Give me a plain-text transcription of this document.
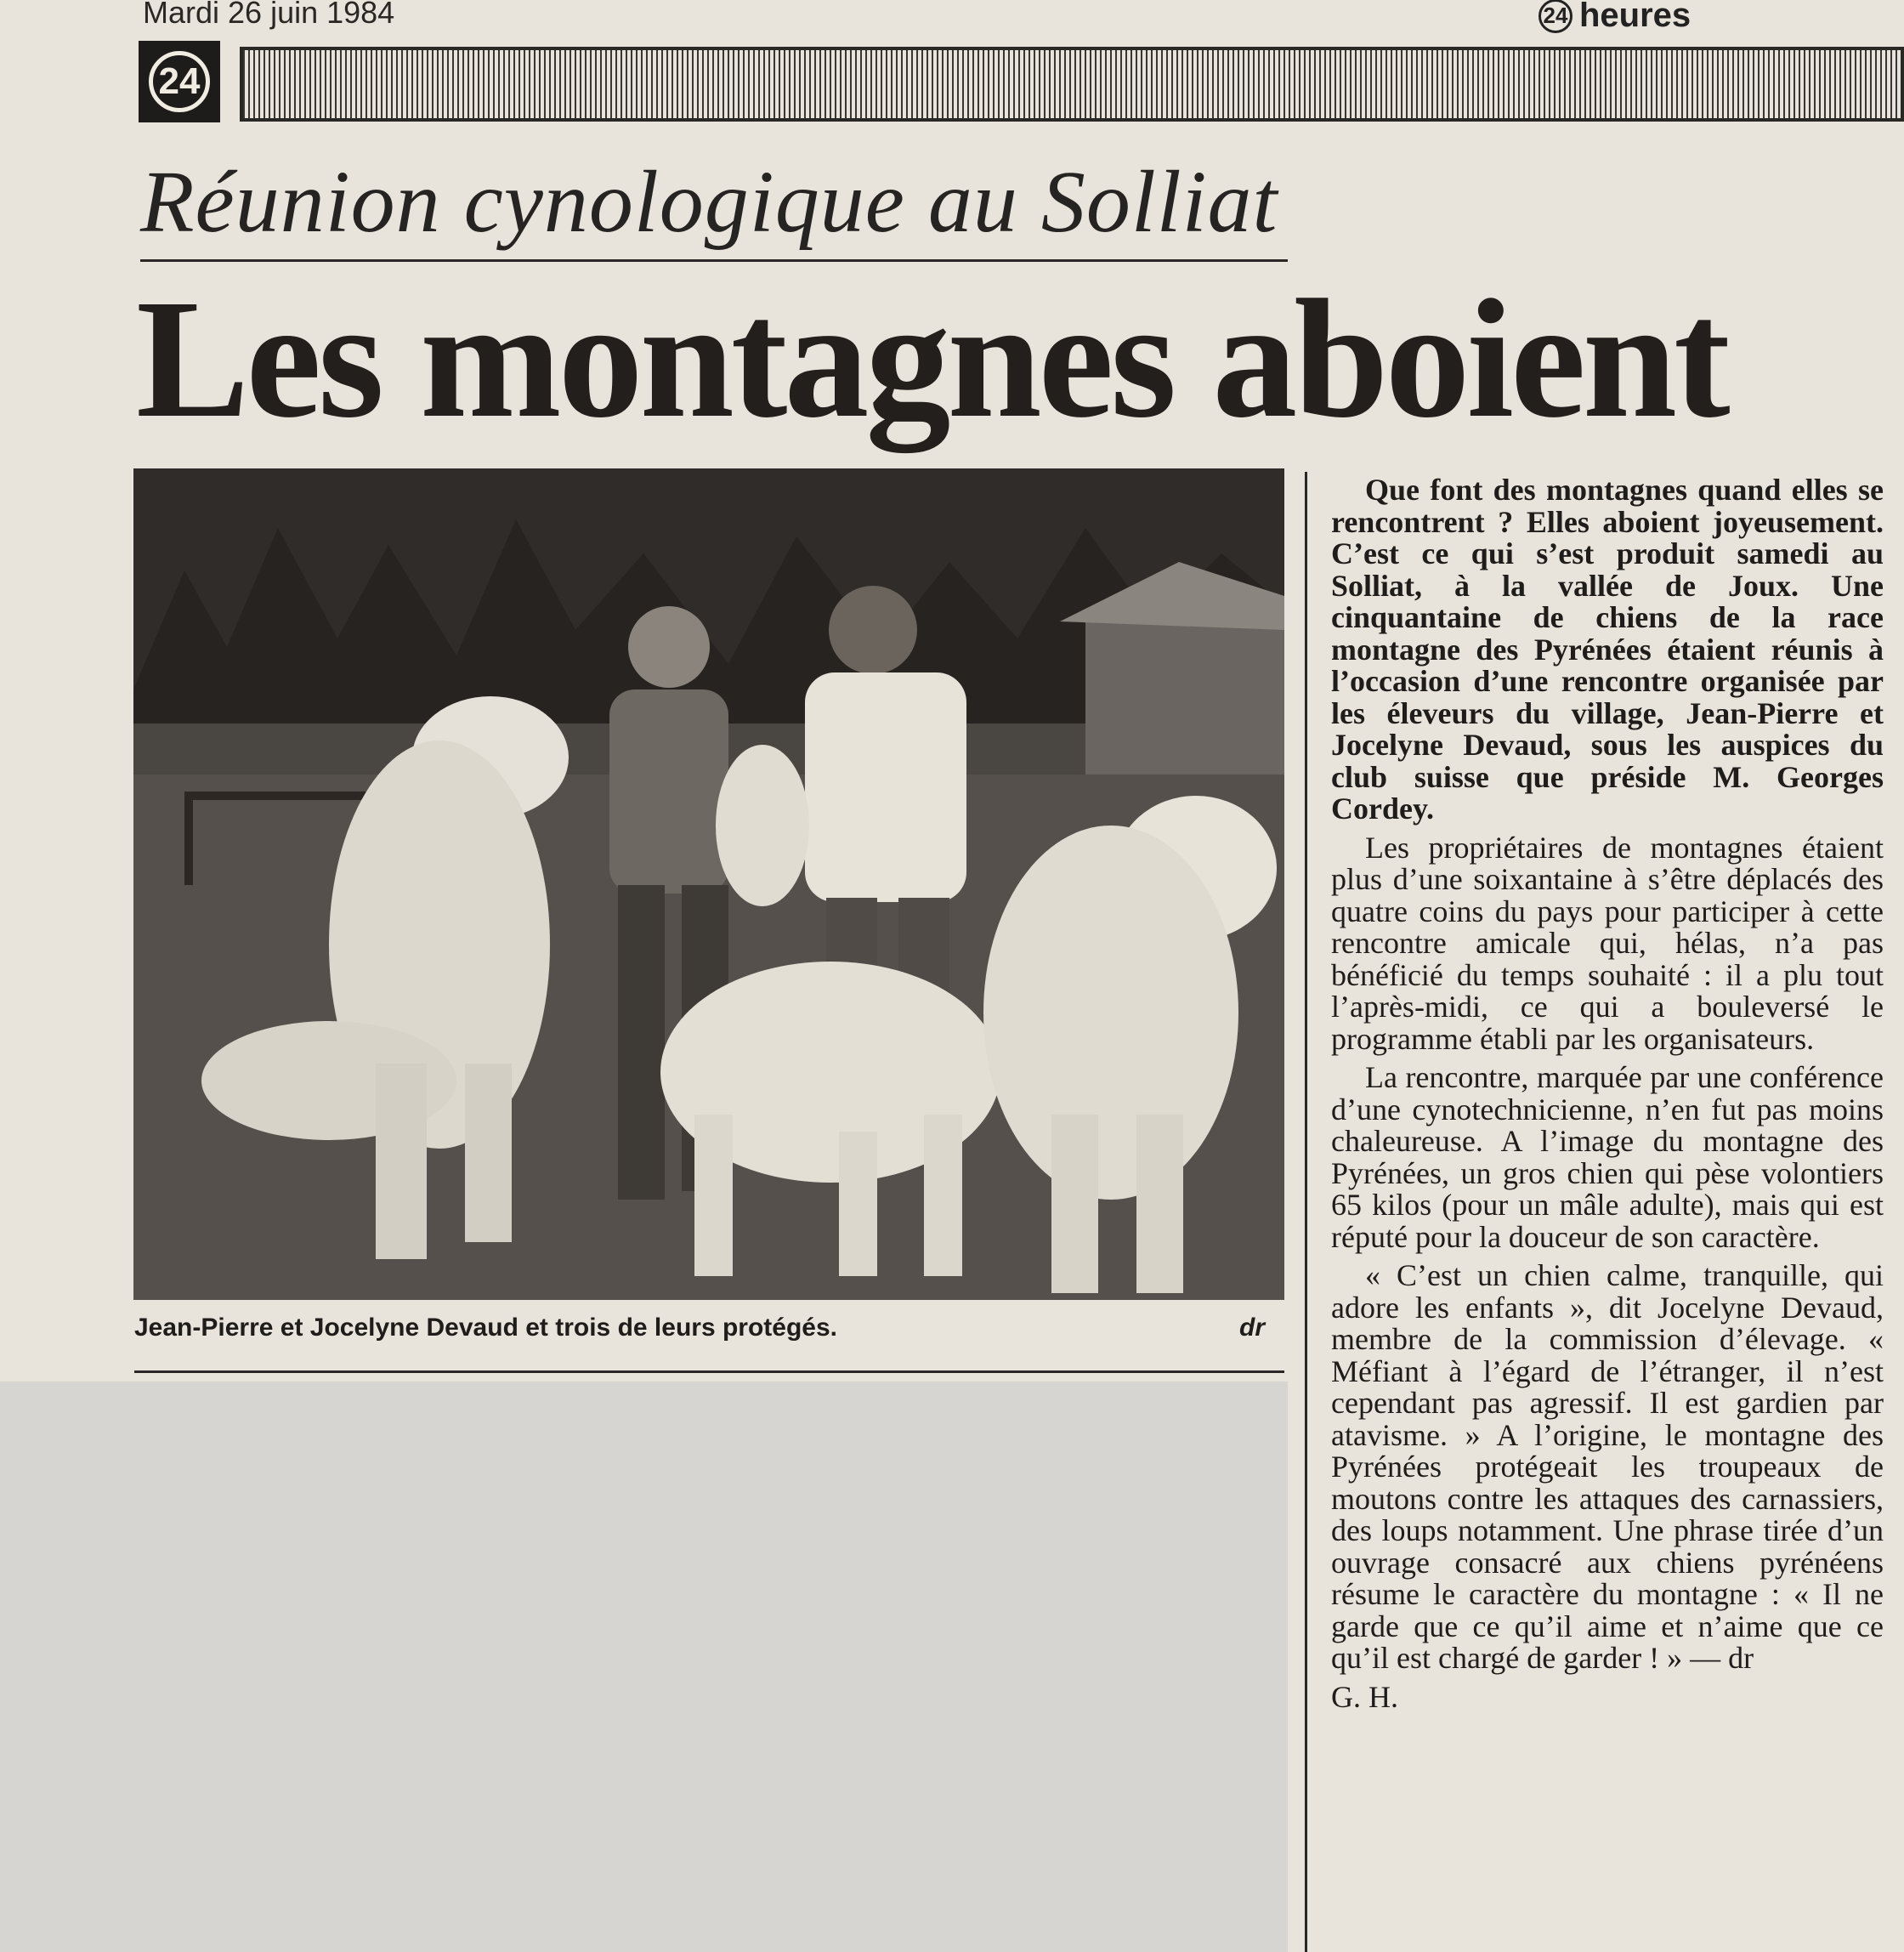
Mardi 26 juin 1984	24 heures
24
Réunion cynologique au Solliat
Les montagnes aboient
Jean-Pierre et Jocelyne Devaud et trois de leurs protégés.	dr

Que font des montagnes quand elles se rencontrent ? Elles aboient joyeusement. C’est ce qui s’est produit samedi au Solliat, à la vallée de Joux. Une cinquantaine de chiens de la race montagne des Pyrénées étaient réunis à l’occasion d’une rencontre organisée par les éleveurs du village, Jean-Pierre et Jocelyne Devaud, sous les auspices du club suisse que préside M. Georges Cordey.

Les propriétaires de montagnes étaient plus d’une soixantaine à s’être déplacés des quatre coins du pays pour participer à cette rencontre amicale qui, hélas, n’a pas bénéficié du temps souhaité : il a plu tout l’après-midi, ce qui a bouleversé le programme établi par les organisateurs.

La rencontre, marquée par une conférence d’une cynotechnicienne, n’en fut pas moins chaleureuse. A l’image du montagne des Pyrénées, un gros chien qui pèse volontiers 65 kilos (pour un mâle adulte), mais qui est réputé pour la douceur de son caractère.

« C’est un chien calme, tranquille, qui adore les enfants », dit Jocelyne Devaud, membre de la commission d’élevage. « Méfiant à l’égard de l’étranger, il n’est cependant pas agressif. Il est gardien par atavisme. » A l’origine, le montagne des Pyrénées protégeait les troupeaux de moutons contre les attaques des carnassiers, des loups notamment. Une phrase tirée d’un ouvrage consacré aux chiens pyrénéens résume le caractère du montagne : « Il ne garde que ce qu’il aime et n’aime que ce qu’il est chargé de garder ! » — dr

G. H.
